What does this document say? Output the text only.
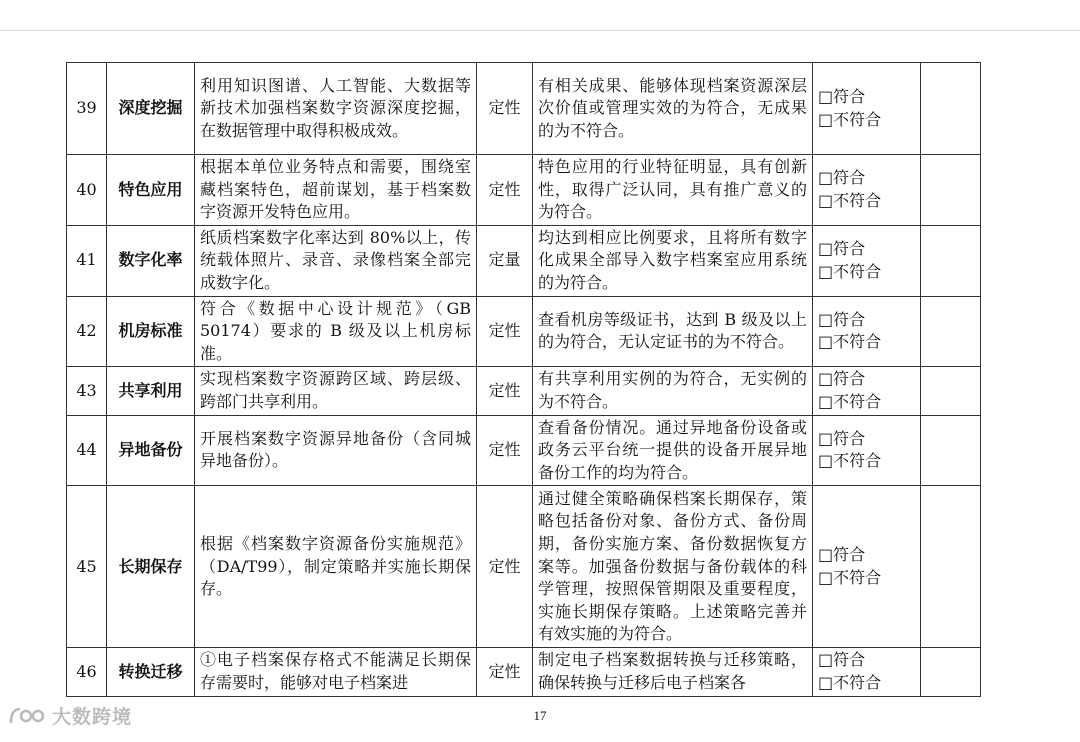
39	深度挖掘	利用知识图谱、人工智能、大数据等新技术加强档案数字资源深度挖掘，在数据管理中取得积极成效。	定性	有相关成果、能够体现档案资源深层次价值或管理实效的为符合，无成果的为不符合。	□符合
□不符合	

40	特色应用	根据本单位业务特点和需要，围绕室藏档案特色，超前谋划，基于档案数字资源开发特色应用。	定性	特色应用的行业特征明显，具有创新性，取得广泛认同，具有推广意义的为符合。	□符合
□不符合	

41	数字化率	纸质档案数字化率达到 80%以上，传统载体照片、录音、录像档案全部完成数字化。	定量	均达到相应比例要求，且将所有数字化成果全部导入数字档案室应用系统的为符合。	□符合
□不符合	

42	机房标准	符合《数据中心设计规范》（GB 50174）要求的 B 级及以上机房标准。	定性	查看机房等级证书，达到 B 级及以上的为符合，无认定证书的为不符合。	□符合
□不符合	

43	共享利用	实现档案数字资源跨区域、跨层级、跨部门共享利用。	定性	有共享利用实例的为符合，无实例的为不符合。	□符合
□不符合	

44	异地备份	开展档案数字资源异地备份（含同城异地备份）。	定性	查看备份情况。通过异地备份设备或政务云平台统一提供的设备开展异地备份工作的均为符合。	□符合
□不符合	

45	长期保存	根据《档案数字资源备份实施规范》（DA/T99），制定策略并实施长期保存。	定性	通过健全策略确保档案长期保存，策略包括备份对象、备份方式、备份周期，备份实施方案、备份数据恢复方案等。加强备份数据与备份载体的科学管理，按照保管期限及重要程度，实施长期保存策略。上述策略完善并有效实施的为符合。	□符合
□不符合	

46	转换迁移	①电子档案保存格式不能满足长期保存需要时，能够对电子档案进	定性	制定电子档案数据转换与迁移策略，确保转换与迁移后电子档案各	□符合
□不符合	

大数跨境	17
